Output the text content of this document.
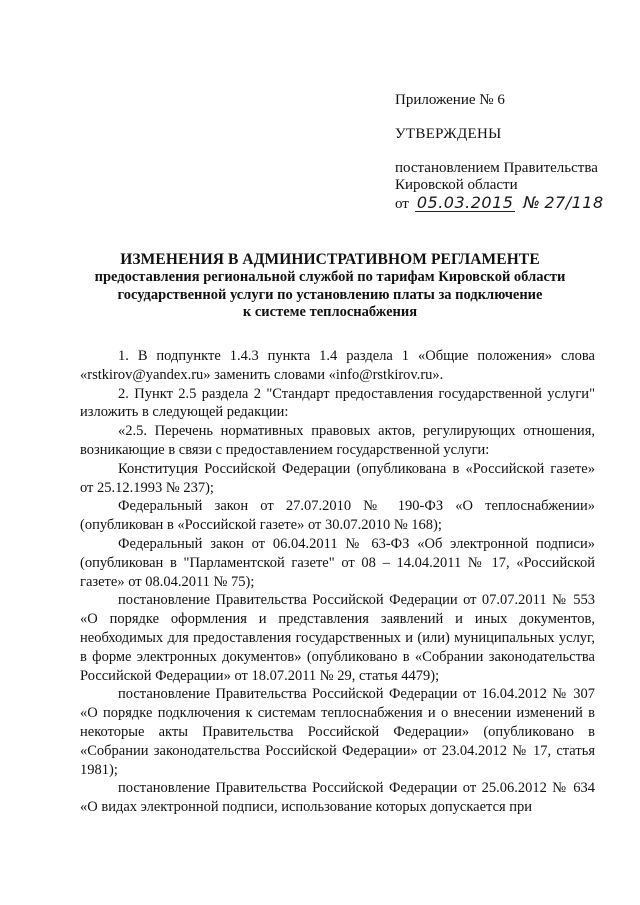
Приложение № 6
УТВЕРЖДЕНЫ
постановлением Правительства
Кировской области
от 05.03.2015 № 27/118
ИЗМЕНЕНИЯ В АДМИНИСТРАТИВНОМ РЕГЛАМЕНТЕ
предоставления региональной службой по тарифам Кировской области
государственной услуги по установлению платы за подключение
к системе теплоснабжения

1. В подпункте 1.4.3 пункта 1.4 раздела 1 «Общие положения» слова «rstkirov@yandex.ru» заменить словами «info@rstkirov.ru».

2. Пункт 2.5 раздела 2 "Стандарт предоставления государственной услуги" изложить в следующей редакции:

«2.5. Перечень нормативных правовых актов, регулирующих отношения, возникающие в связи с предоставлением государственной услуги:

Конституция Российской Федерации (опубликована в «Российской газете» от 25.12.1993 № 237);

Федеральный закон от 27.07.2010 № 190-ФЗ «О теплоснабжении» (опубликован в «Российской газете» от 30.07.2010 № 168);

Федеральный закон от 06.04.2011 № 63-ФЗ «Об электронной подписи» (опубликован в "Парламентской газете" от 08 – 14.04.2011 № 17, «Российской газете» от 08.04.2011 № 75);

постановление Правительства Российской Федерации от 07.07.2011 № 553 «О порядке оформления и представления заявлений и иных документов, необходимых для предоставления государственных и (или) муниципальных услуг, в форме электронных документов» (опубликовано в «Собрании законодательства Российской Федерации» от 18.07.2011 № 29, статья 4479);

постановление Правительства Российской Федерации от 16.04.2012 № 307 «О порядке подключения к системам теплоснабжения и о внесении изменений в некоторые акты Правительства Российской Федерации» (опубликовано в «Собрании законодательства Российской Федерации» от 23.04.2012 № 17, статья 1981);

постановление Правительства Российской Федерации от 25.06.2012 № 634 «О видах электронной подписи, использование которых допускается при
